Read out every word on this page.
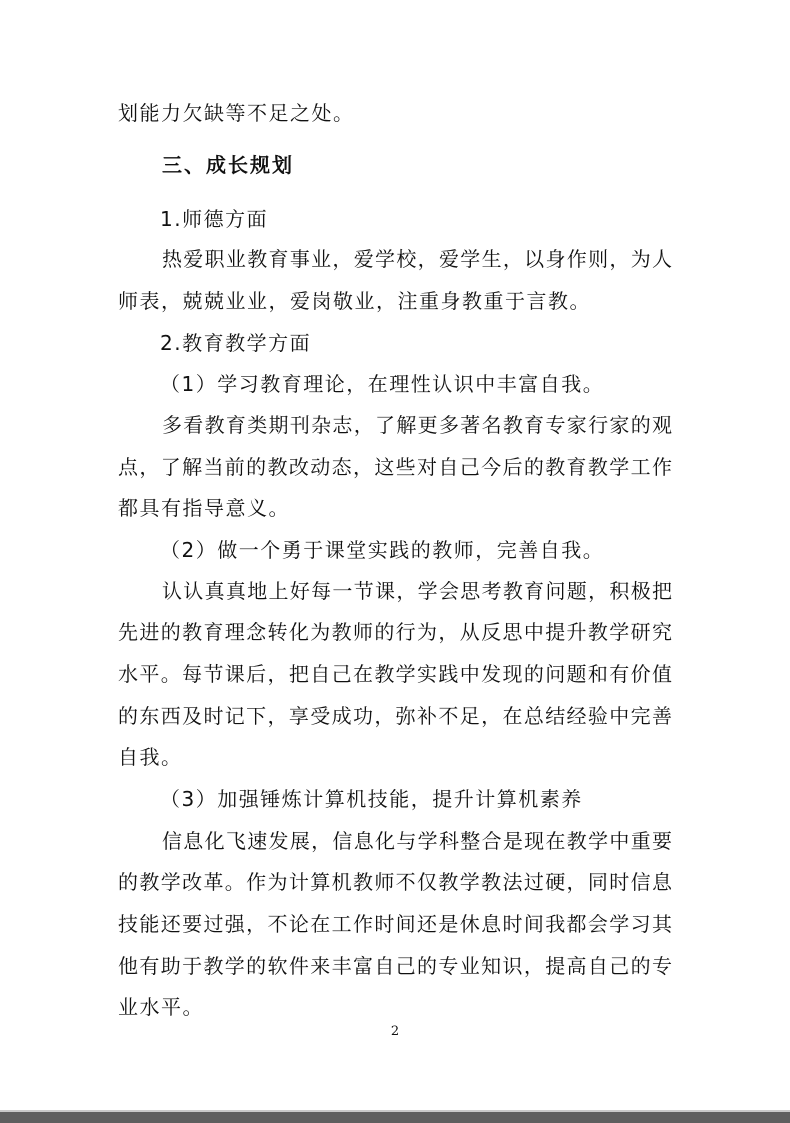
划能力欠缺等不足之处。
三、成长规划
1.师德方面
热爱职业教育事业，爱学校，爱学生，以身作则，为人
师表，兢兢业业，爱岗敬业，注重身教重于言教。
2.教育教学方面
（1）学习教育理论，在理性认识中丰富自我。
多看教育类期刊杂志，了解更多著名教育专家行家的观
点，了解当前的教改动态，这些对自己今后的教育教学工作
都具有指导意义。
（2）做一个勇于课堂实践的教师，完善自我。
认认真真地上好每一节课，学会思考教育问题，积极把
先进的教育理念转化为教师的行为，从反思中提升教学研究
水平。每节课后，把自己在教学实践中发现的问题和有价值
的东西及时记下，享受成功，弥补不足，在总结经验中完善
自我。
（3）加强锤炼计算机技能，提升计算机素养
信息化飞速发展，信息化与学科整合是现在教学中重要
的教学改革。作为计算机教师不仅教学教法过硬，同时信息
技能还要过强，不论在工作时间还是休息时间我都会学习其
他有助于教学的软件来丰富自己的专业知识，提高自己的专
业水平。
2
